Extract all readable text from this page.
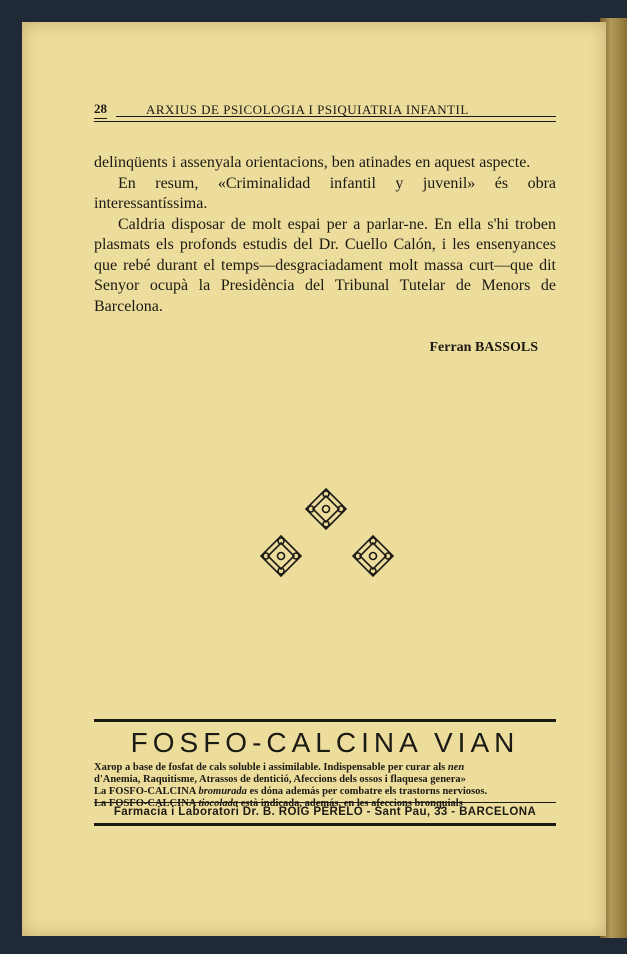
28	ARXIUS DE PSICOLOGIA I PSIQUIATRIA INFANTIL

delinqüents i assenyala orientacions, ben atinades en aquest aspecte.

En resum, «Criminalidad infantil y juvenil» és obra interessantíssima.

Caldria disposar de molt espai per a parlar-ne. En ella s'hi troben plasmats els profonds estudis del Dr. Cuello Calón, i les ensenyances que rebé durant el temps—desgraciadament molt massa curt—que dit Senyor ocupà la Presidència del Tribunal Tutelar de Menors de Barcelona.

Ferran BASSOLS
FOSFO-CALCINA VIAN
Xarop a base de fosfat de cals soluble i assimilable. Indispensable per curar als nen
d'Anemia, Raquitisme, Atrassos de dentició, Afeccions dels ossos i flaquesa genera»
La FOSFO-CALCINA bromurada es dóna además per combatre els trastorns nerviosos.
La FOSFO-CALCINA tiocolada està indicada, además, en les afeccions bronquials
Farmacia i Laboratori Dr. B. ROIG PERELÓ - Sant Pau, 33 - BARCELONA
